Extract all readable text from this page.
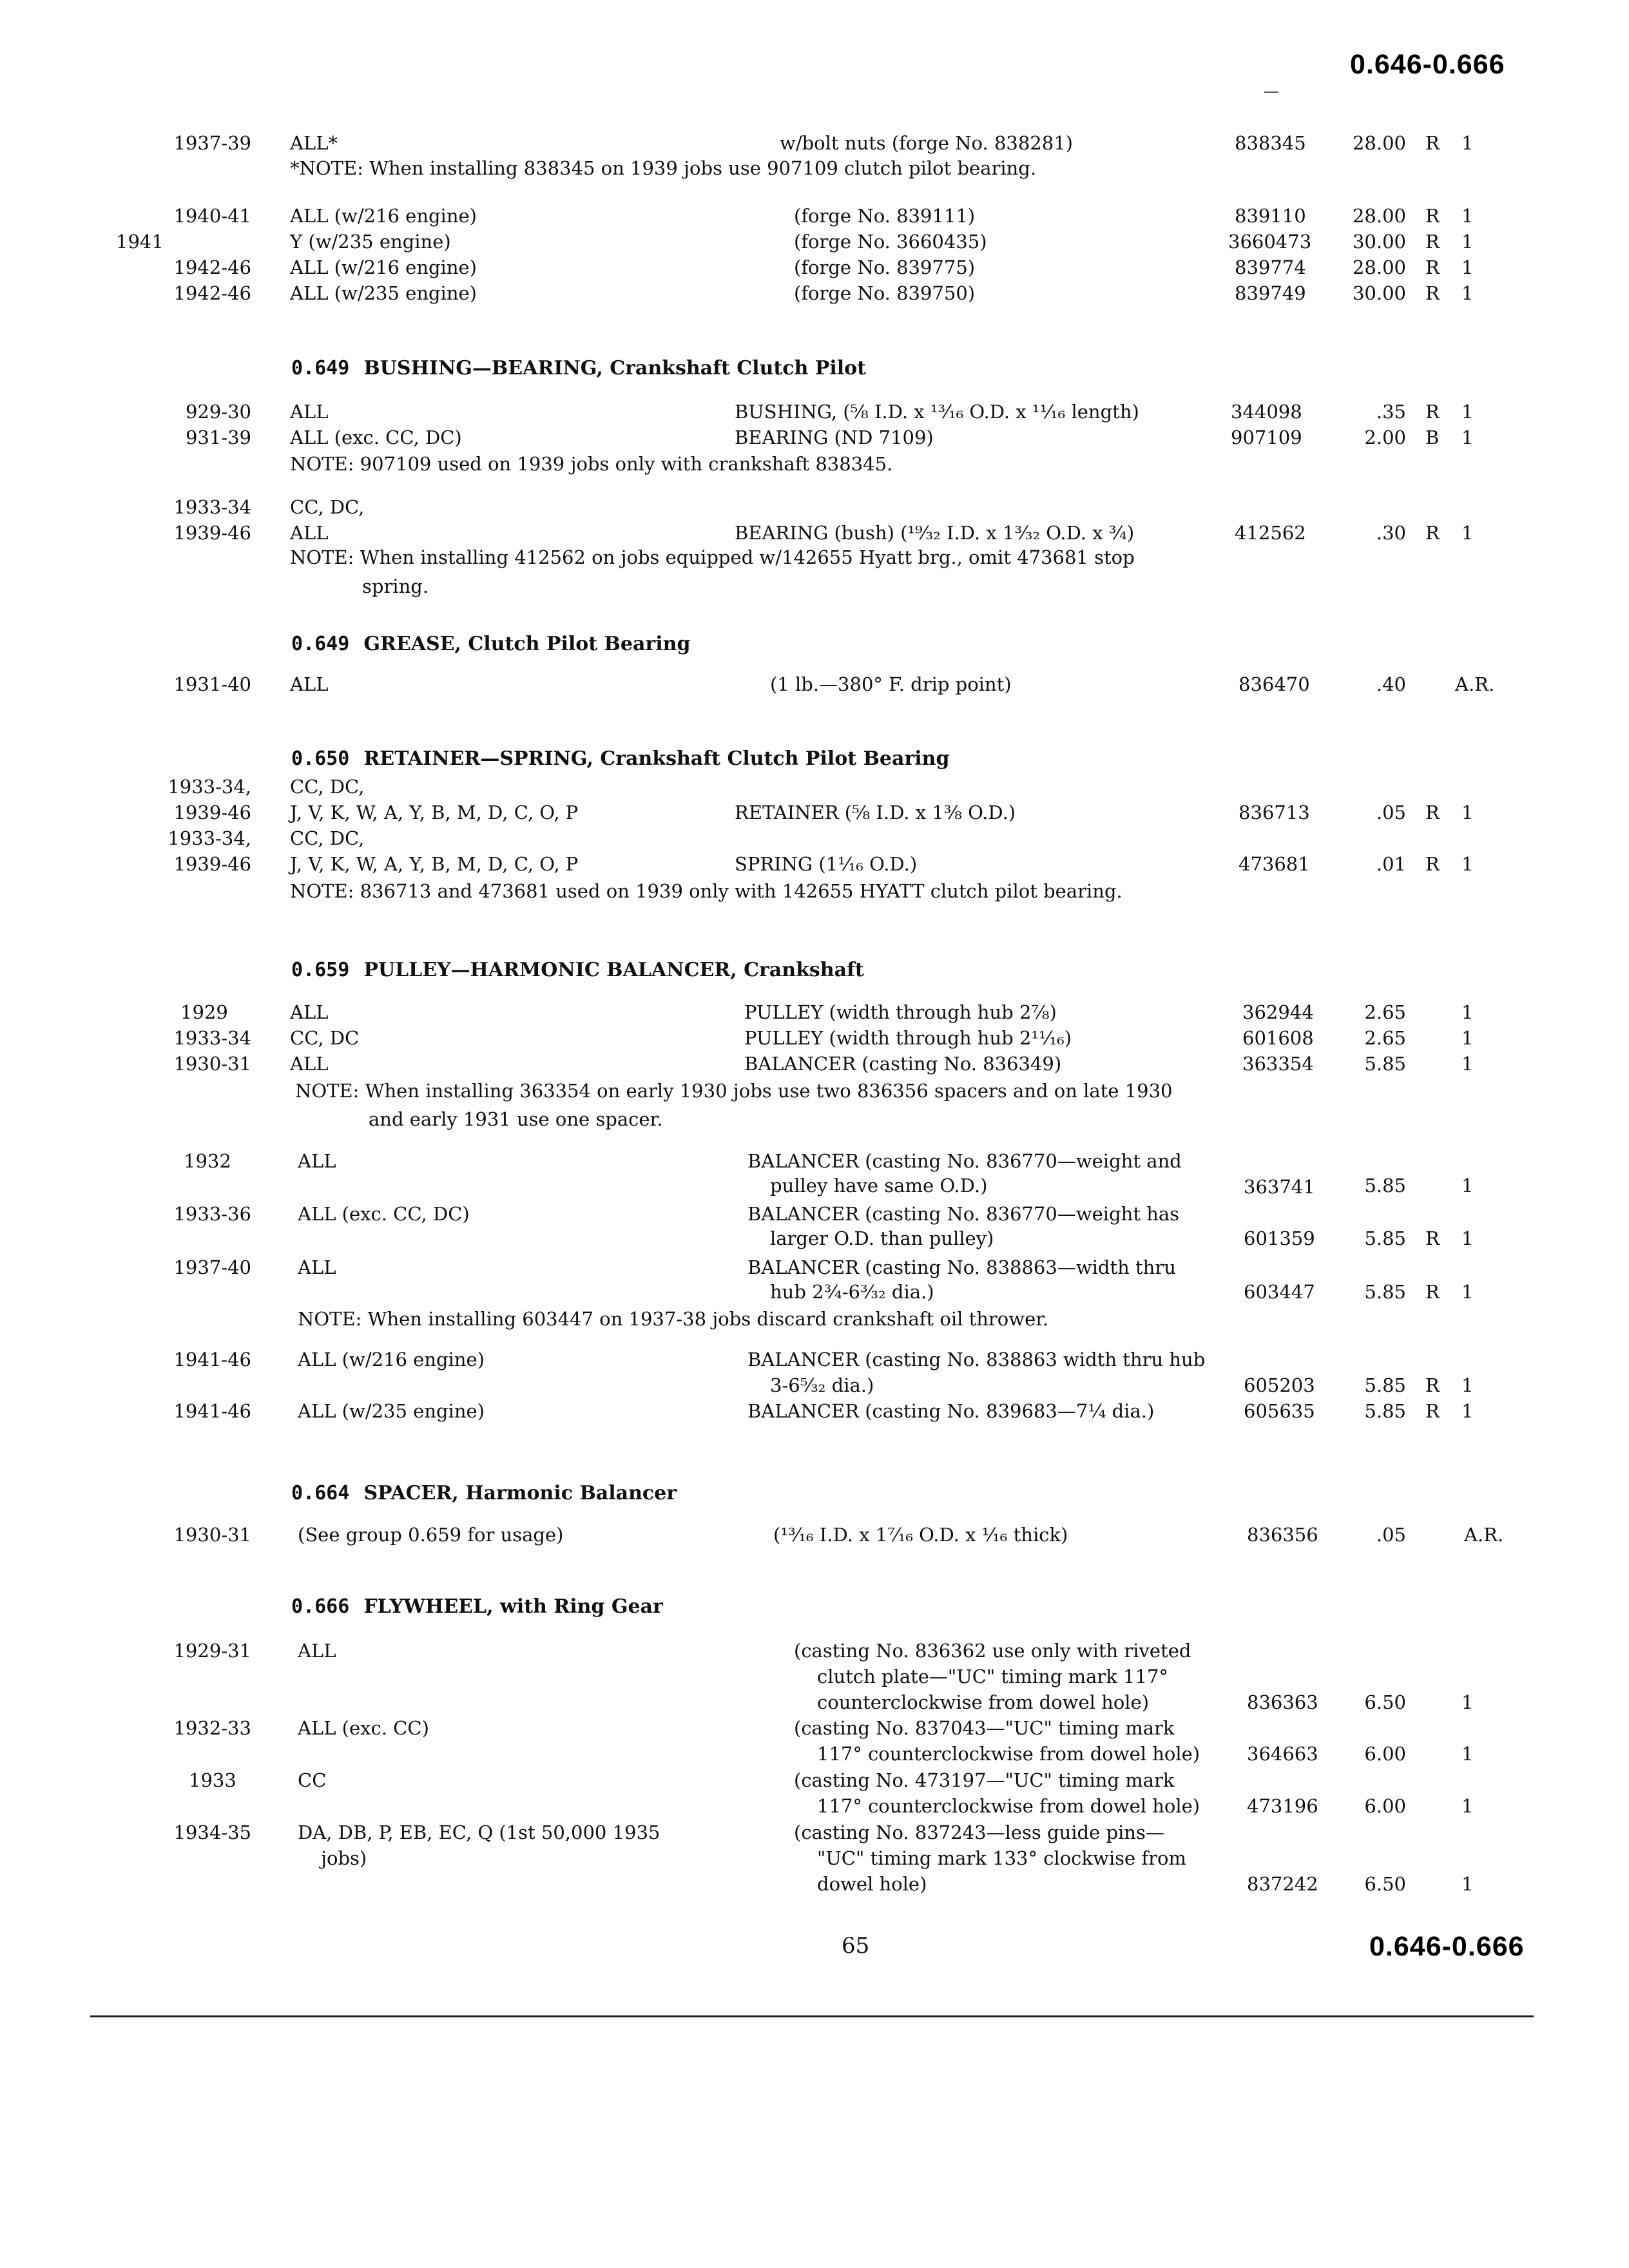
0.646-0.666
1937-39 ALL*	w/bolt nuts (forge No. 838281)	838345 28.00 R 1
*NOTE: When installing 838345 on 1939 jobs use 907109 clutch pilot bearing.
1940-41 ALL (w/216 engine)	(forge No. 839111)	839110 28.00 R 1
1941	Y (w/235 engine)	(forge No. 3660435)	3660473 30.00 R 1
1942-46 ALL (w/216 engine)	(forge No. 839775)	839774 28.00 R 1
1942-46 ALL (w/235 engine)	(forge No. 839750)	839749 30.00 R 1
0.649 BUSHING—BEARING, Crankshaft Clutch Pilot
929-30 ALL	BUSHING, (⅝ I.D. x ¹³⁄₁₆ O.D. x ¹¹⁄₁₆ length)	344098	.35 R 1
931-39 ALL (exc. CC, DC)	BEARING (ND 7109)	907109	2.00 B 1
NOTE: 907109 used on 1939 jobs only with crankshaft 838345.
1933-34 CC, DC,
1939-46 ALL	BEARING (bush) (¹⁹⁄₃₂ I.D. x 1³⁄₃₂ O.D. x ¾)	412562	.30 R 1
NOTE: When installing 412562 on jobs equipped w/142655 Hyatt brg., omit 473681 stop
spring.
0.649 GREASE, Clutch Pilot Bearing
1931-40 ALL	(1 lb.—380° F. drip point)	836470	.40	A.R.
0.650 RETAINER—SPRING, Crankshaft Clutch Pilot Bearing
1933-34, CC, DC,
1939-46 J, V, K, W, A, Y, B, M, D, C, O, P	RETAINER (⅝ I.D. x 1⅜ O.D.)	836713	.05 R 1
1933-34, CC, DC,
1939-46 J, V, K, W, A, Y, B, M, D, C, O, P	SPRING (1¹⁄₁₆ O.D.)	473681	.01 R 1
NOTE: 836713 and 473681 used on 1939 only with 142655 HYATT clutch pilot bearing.
0.659 PULLEY—HARMONIC BALANCER, Crankshaft
1929	ALL	PULLEY (width through hub 2⅞)	362944	2.65	1
1933-34 CC, DC	PULLEY (width through hub 2¹¹⁄₁₆)	601608	2.65	1
1930-31 ALL	BALANCER (casting No. 836349)	363354	5.85	1
NOTE: When installing 363354 on early 1930 jobs use two 836356 spacers and on late 1930
and early 1931 use one spacer.
1932	ALL	BALANCER (casting No. 836770—weight and
pulley have same O.D.)	363741	5.85	1
1933-36 ALL (exc. CC, DC)	BALANCER (casting No. 836770—weight has
larger O.D. than pulley)	601359	5.85 R 1
1937-40 ALL	BALANCER (casting No. 838863—width thru
hub 2¾-6³⁄₃₂ dia.)	603447	5.85 R 1
NOTE: When installing 603447 on 1937-38 jobs discard crankshaft oil thrower.
1941-46 ALL (w/216 engine)	BALANCER (casting No. 838863 width thru hub
3-6⁵⁄₃₂ dia.)	605203	5.85 R 1
1941-46 ALL (w/235 engine)	BALANCER (casting No. 839683—7¼ dia.)	605635	5.85 R 1
0.664 SPACER, Harmonic Balancer
1930-31 (See group 0.659 for usage)	(¹³⁄₁₆ I.D. x 1⁷⁄₁₆ O.D. x ¹⁄₁₆ thick)	836356	.05	A.R.
0.666 FLYWHEEL, with Ring Gear
1929-31 ALL	(casting No. 836362 use only with riveted
clutch plate—"UC" timing mark 117°
counterclockwise from dowel hole)	836363	6.50	1
1932-33 ALL (exc. CC)	(casting No. 837043—"UC" timing mark
117° counterclockwise from dowel hole)	364663	6.00	1
1933	CC	(casting No. 473197—"UC" timing mark
117° counterclockwise from dowel hole)	473196	6.00	1
1934-35 DA, DB, P, EB, EC, Q (1st 50,000 1935	(casting No. 837243—less guide pins—
jobs)	"UC" timing mark 133° clockwise from
dowel hole)	837242	6.50	1
65	0.646-0.666
